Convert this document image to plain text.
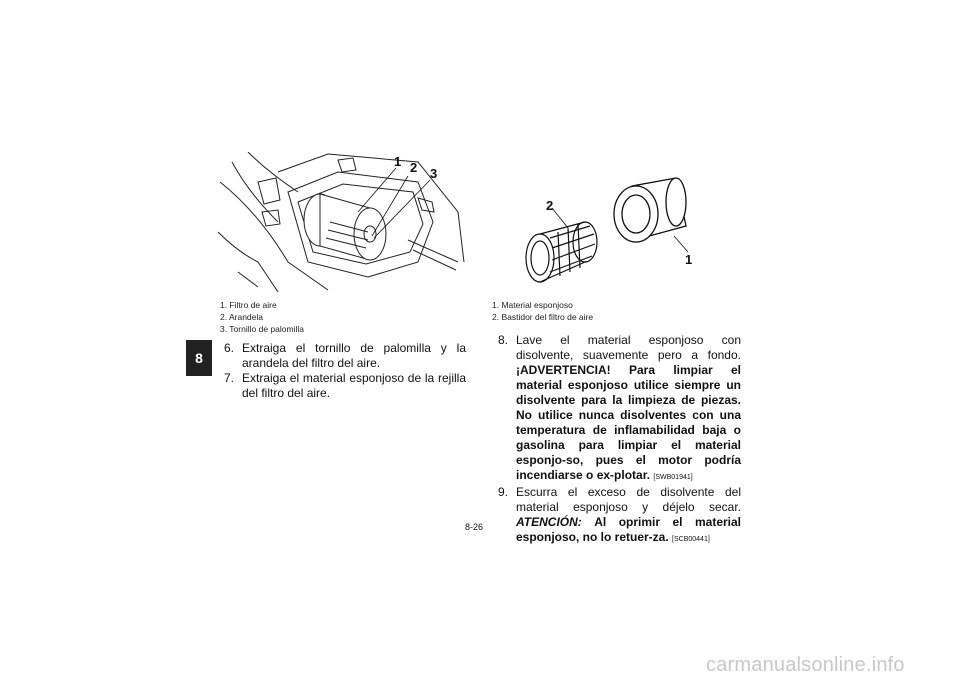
8
1 2 3
1. Filtro de aire
2. Arandela
3. Tornillo de palomilla
2
1
1. Material esponjoso
2. Bastidor del filtro de aire
6. Extraiga el tornillo de palomilla y la arandela del filtro del aire.
7. Extraiga el material esponjoso de la rejilla del filtro del aire.
8. Lave el material esponjoso con disolvente, suavemente pero a fondo. ¡ADVERTENCIA! Para limpiar el material esponjoso utilice siempre un disolvente para la limpieza de piezas. No utilice nunca disolventes con una temperatura de inflamabilidad baja o gasolina para limpiar el material esponjo-so, pues el motor podría incendiarse o ex-plotar. [SWB01941]
9. Escurra el exceso de disolvente del material esponjoso y déjelo secar. ATENCIÓN: Al oprimir el material esponjoso, no lo retuer-za. [SCB00441]
8-26
carmanualsonline.info
